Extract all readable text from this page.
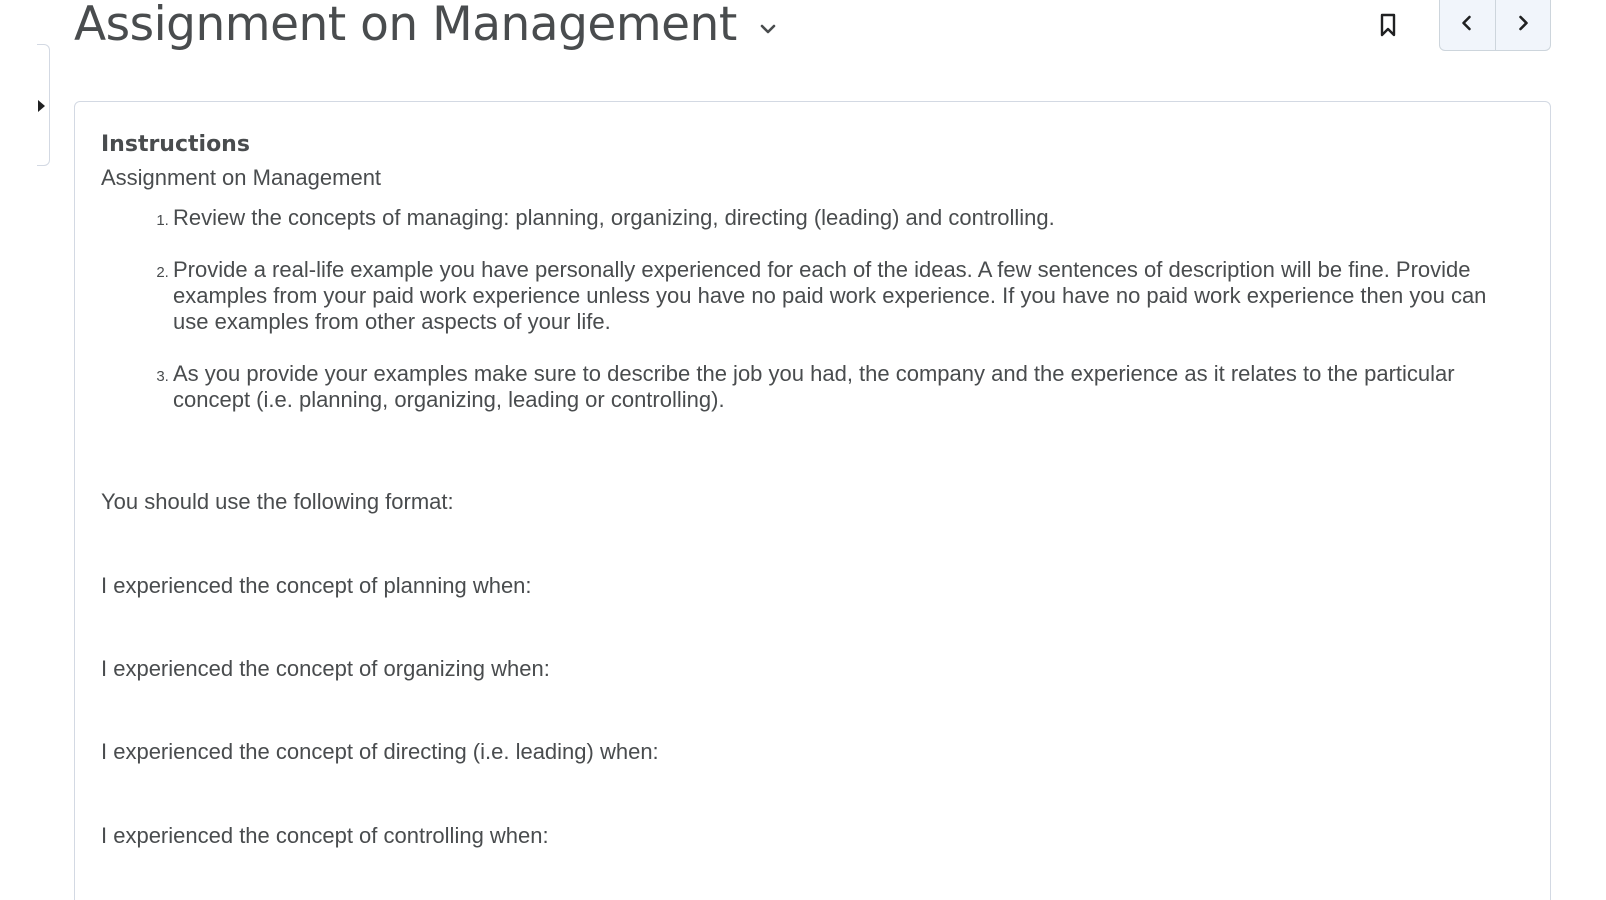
Assignment on Management
Instructions
Assignment on Management
1. Review the concepts of managing: planning, organizing, directing (leading) and controlling.
2. Provide a real-life example you have personally experienced for each of the ideas. A few sentences of description will be fine. Provide examples from your paid work experience unless you have no paid work experience. If you have no paid work experience then you can use examples from other aspects of your life.
3. As you provide your examples make sure to describe the job you had, the company and the experience as it relates to the particular concept (i.e. planning, organizing, leading or controlling).
You should use the following format:
I experienced the concept of planning when:
I experienced the concept of organizing when:
I experienced the concept of directing (i.e. leading) when:
I experienced the concept of controlling when:
